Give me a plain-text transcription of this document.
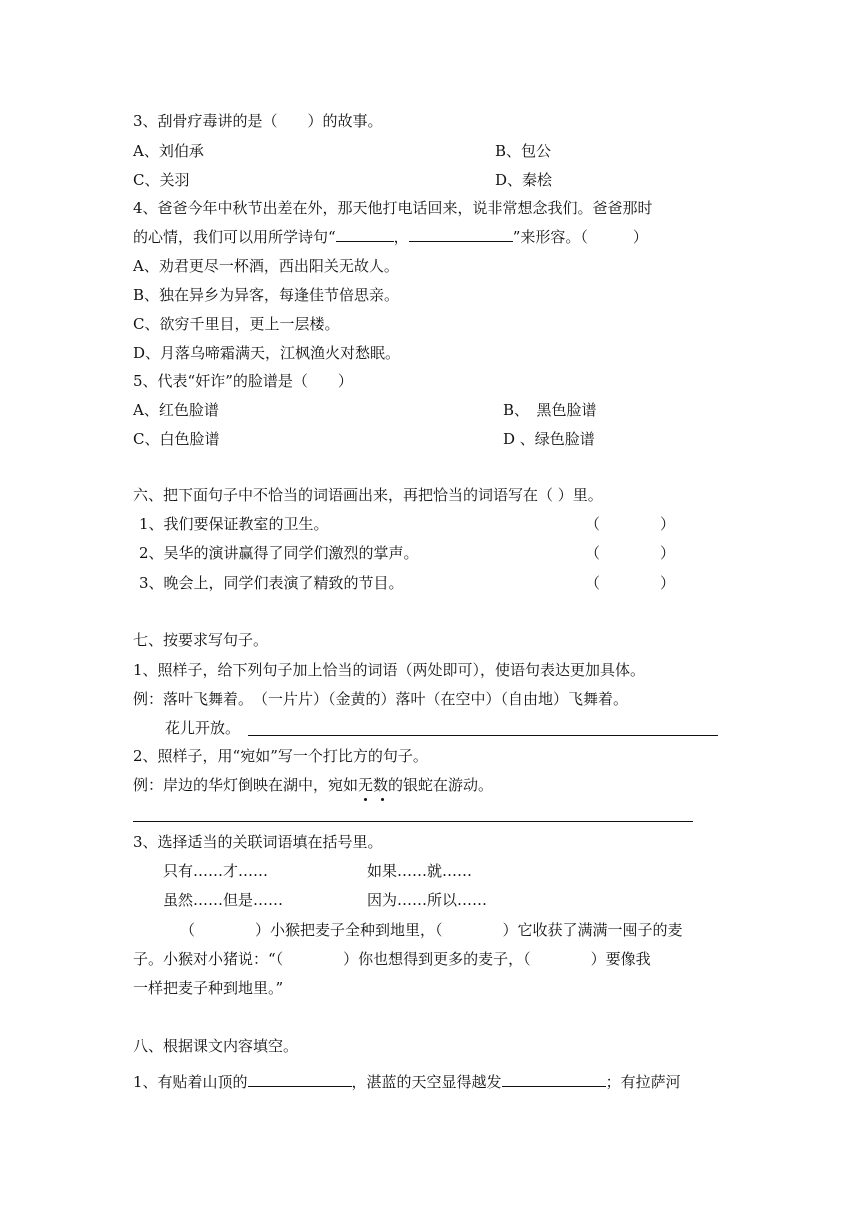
3、刮骨疗毒讲的是（　　）的故事。
A、刘伯承	B、包公
C、关羽	D、秦桧
4、爸爸今年中秋节出差在外，那天他打电话回来，说非常想念我们。爸爸那时
的心情，我们可以用所学诗句“	，	”来形容。（　　　）
A、劝君更尽一杯酒，西出阳关无故人。
B、独在异乡为异客，每逢佳节倍思亲。
C、欲穷千里目，更上一层楼。
D、月落乌啼霜满天，江枫渔火对愁眠。
5、代表“奸诈”的脸谱是（　　）
A、红色脸谱	B、　黑色脸谱
C、白色脸谱	D 、绿色脸谱
六、把下面句子中不恰当的词语画出来，再把恰当的词语写在（ ）里。
1、我们要保证教室的卫生。	（　　　　）
2、吴华的演讲赢得了同学们激烈的掌声。	（　　　　）
3、晚会上，同学们表演了精致的节目。	（　　　　）
七、按要求写句子。
1、照样子，给下列句子加上恰当的词语（两处即可），使语句表达更加具体。
例：落叶飞舞着。　（一片片）（金黄的）落叶（在空中）（自由地）飞舞着。
花儿开放。
2、照样子，用“宛如”写一个打比方的句子。
例：岸边的华灯倒映在湖中，宛如无数的银蛇在游动。
3、选择适当的关联词语填在括号里。
只有……才……	如果……就……
虽然……但是……	因为……所以……
（　　　　）小猴把麦子全种到地里，（　　　　）它收获了满满一囤子的麦
子。小猴对小猪说：“（　　　　）你也想得到更多的麦子，（　　　　）要像我
一样把麦子种到地里。”
八、根据课文内容填空。
1、有贴着山顶的	，湛蓝的天空显得越发	；有拉萨河
